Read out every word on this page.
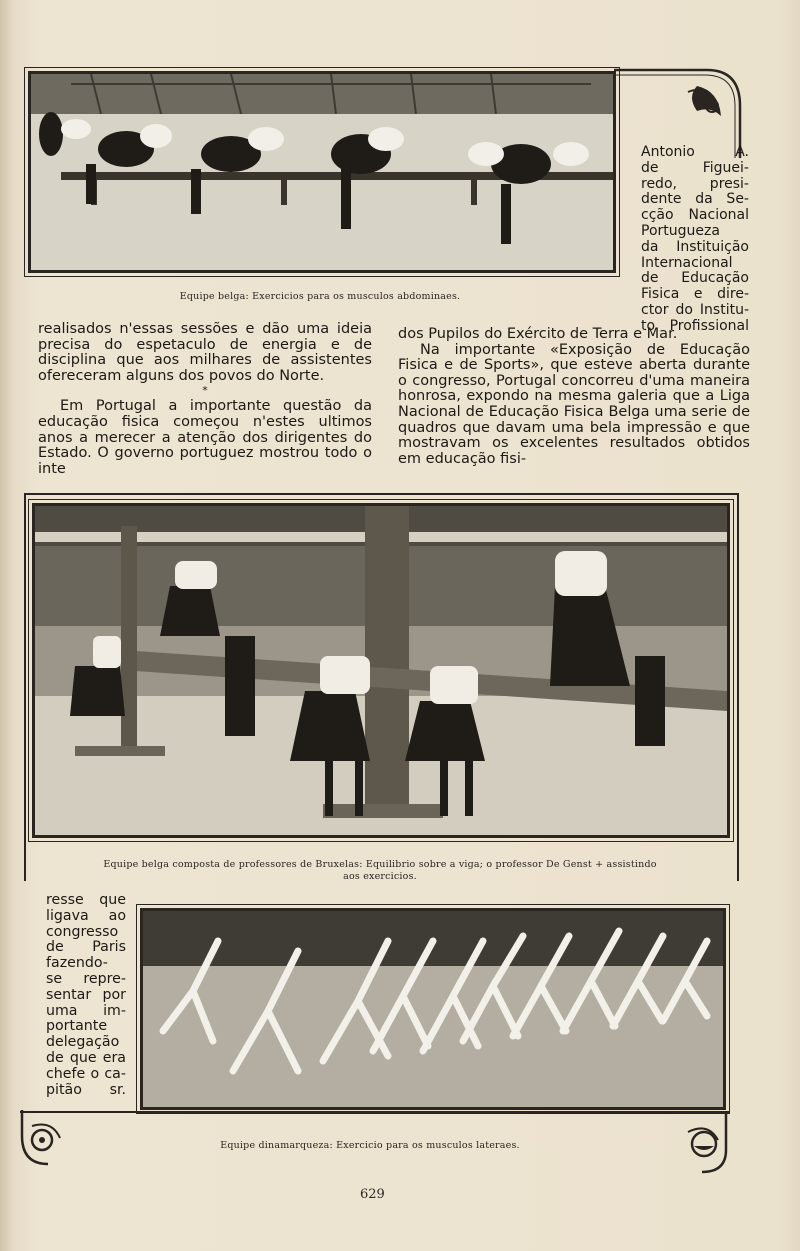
Equipe belga: Exercicios para os musculos abdominaes.
Antonio A.
de Figuei-
redo, presi-
dente da Se-
cção Nacional
Portugueza
da Instituição
Internacional
de Educação
Fisica e dire-
ctor do Institu-
to Profissional

realisados n'essas sessões e dão uma ideia precisa do espetaculo de energia e de disciplina que aos milhares de assistentes ofereceram alguns dos povos do Norte.

*

Em Portugal a importante questão da educação fisica começou n'estes ultimos anos a merecer a atenção dos dirigentes do Estado. O governo portuguez mostrou todo o inte

dos Pupilos do Exército de Terra e Mar.

Na importante «Exposição de Educação Fisica e de Sports», que esteve aberta durante o congresso, Portugal concorreu d'uma maneira honrosa, expondo na mesma galeria que a Liga Nacional de Educação Fisica Belga uma serie de quadros que davam uma bela impressão e que mostravam os excelentes resultados obtidos em educação fisi-

Equipe belga composta de professores de Bruxelas: Equilibrio sobre a viga; o professor De Genst + assistindo
aos exercicios.
resse que
ligava ao
congresso
de Paris
fazendo-
se repre-
sentar por
uma im-
portante
delegação
de que era
chefe o ca-
pitão sr.
Equipe dinamarqueza: Exercicio para os musculos lateraes.
629
